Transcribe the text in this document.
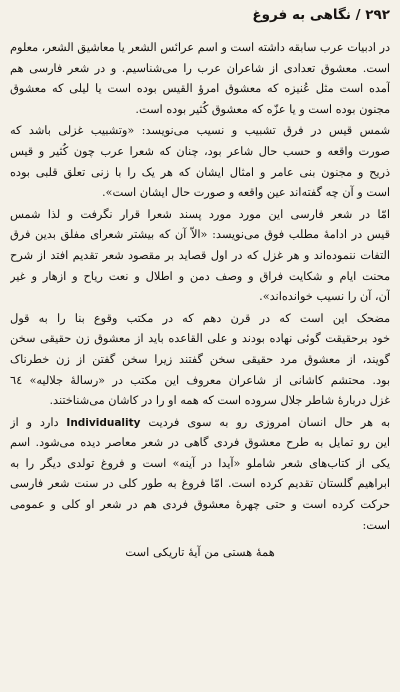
۲۹۲ / نگاهی به فروغ
در ادبیات عرب سابقه داشته است و اسم عرائس الشعر یا معاشیق الشعر، معلوم
است. معشوق تعدادی از شاعران عرب را می‌شناسیم. و در شعر فارسی هم
آمده است مثل عُنیزه که معشوق امرؤ القیس بوده است یا لیلی که معشوق
مجنون بوده است و یا عزّه که معشوق کُثیر بوده است.
شمس قیس در فرق تشبیب و نسیب می‌نویسد: «وتشبیب غزلی باشد که
صورت واقعه و حسب حال شاعر بود، چنان که شعرا عرب چون کُثیر و قیس
ذریح و مجنون بنی عامر و امثال ایشان که هر یک را با زنی تعلق قلبی بوده
است و آن چه گفته‌اند عین واقعه و صورت حال ایشان است».
امّا در شعر فارسی این مورد مورد پسند شعرا قرار نگرفت و لذا شمس
قیس در ادامهٔ مطلب فوق می‌نویسد: «الاّ آن که بیشتر شعرای مفلق بدین فرق
التفات ننموده‌اند و هر غزل که در اول قصاید بر مقصود شعر تقدیم افتد از شرح
محنت ایام و شکایت فراق و وصف دمن و اطلال و نعت ریاح و ازهار و غیر
آن، آن را نسیب خوانده‌اند».
مضحک این است که در قرن دهم که در مکتب وقوع بنا را به قول
خود برحقیقت گوئی نهاده بودند و علی القاعده باید از معشوق زن حقیقی سخن
گویند، از معشوق مرد حقیقی سخن گفتند زیرا سخن گفتن از زن خطرناک
بود. محتشم کاشانی از شاعران معروف این مکتب در «رسالهٔ جلالیه» ٦٤
غزل دربارهٔ شاطر جلال سروده است که همه او را در کاشان می‌شناختند.
به هر حال انسان امروزی رو به سوی فردیت Individuality دارد و از
این رو تمایل به طرح معشوق فردی گاهی در شعر معاصر دیده می‌شود. اسم
یکی از کتاب‌های شعر شاملو «آیدا در آینه» است و فروغ تولدی دیگر را به
ابراهیم گلستان تقدیم کرده است. امّا فروغ به طور کلی در سنت شعر فارسی
حرکت کرده است و حتی چهرهٔ معشوق فردی هم در شعر او کلی و عمومی
است:
همهٔ هستی من آیهٔ تاریکی است
